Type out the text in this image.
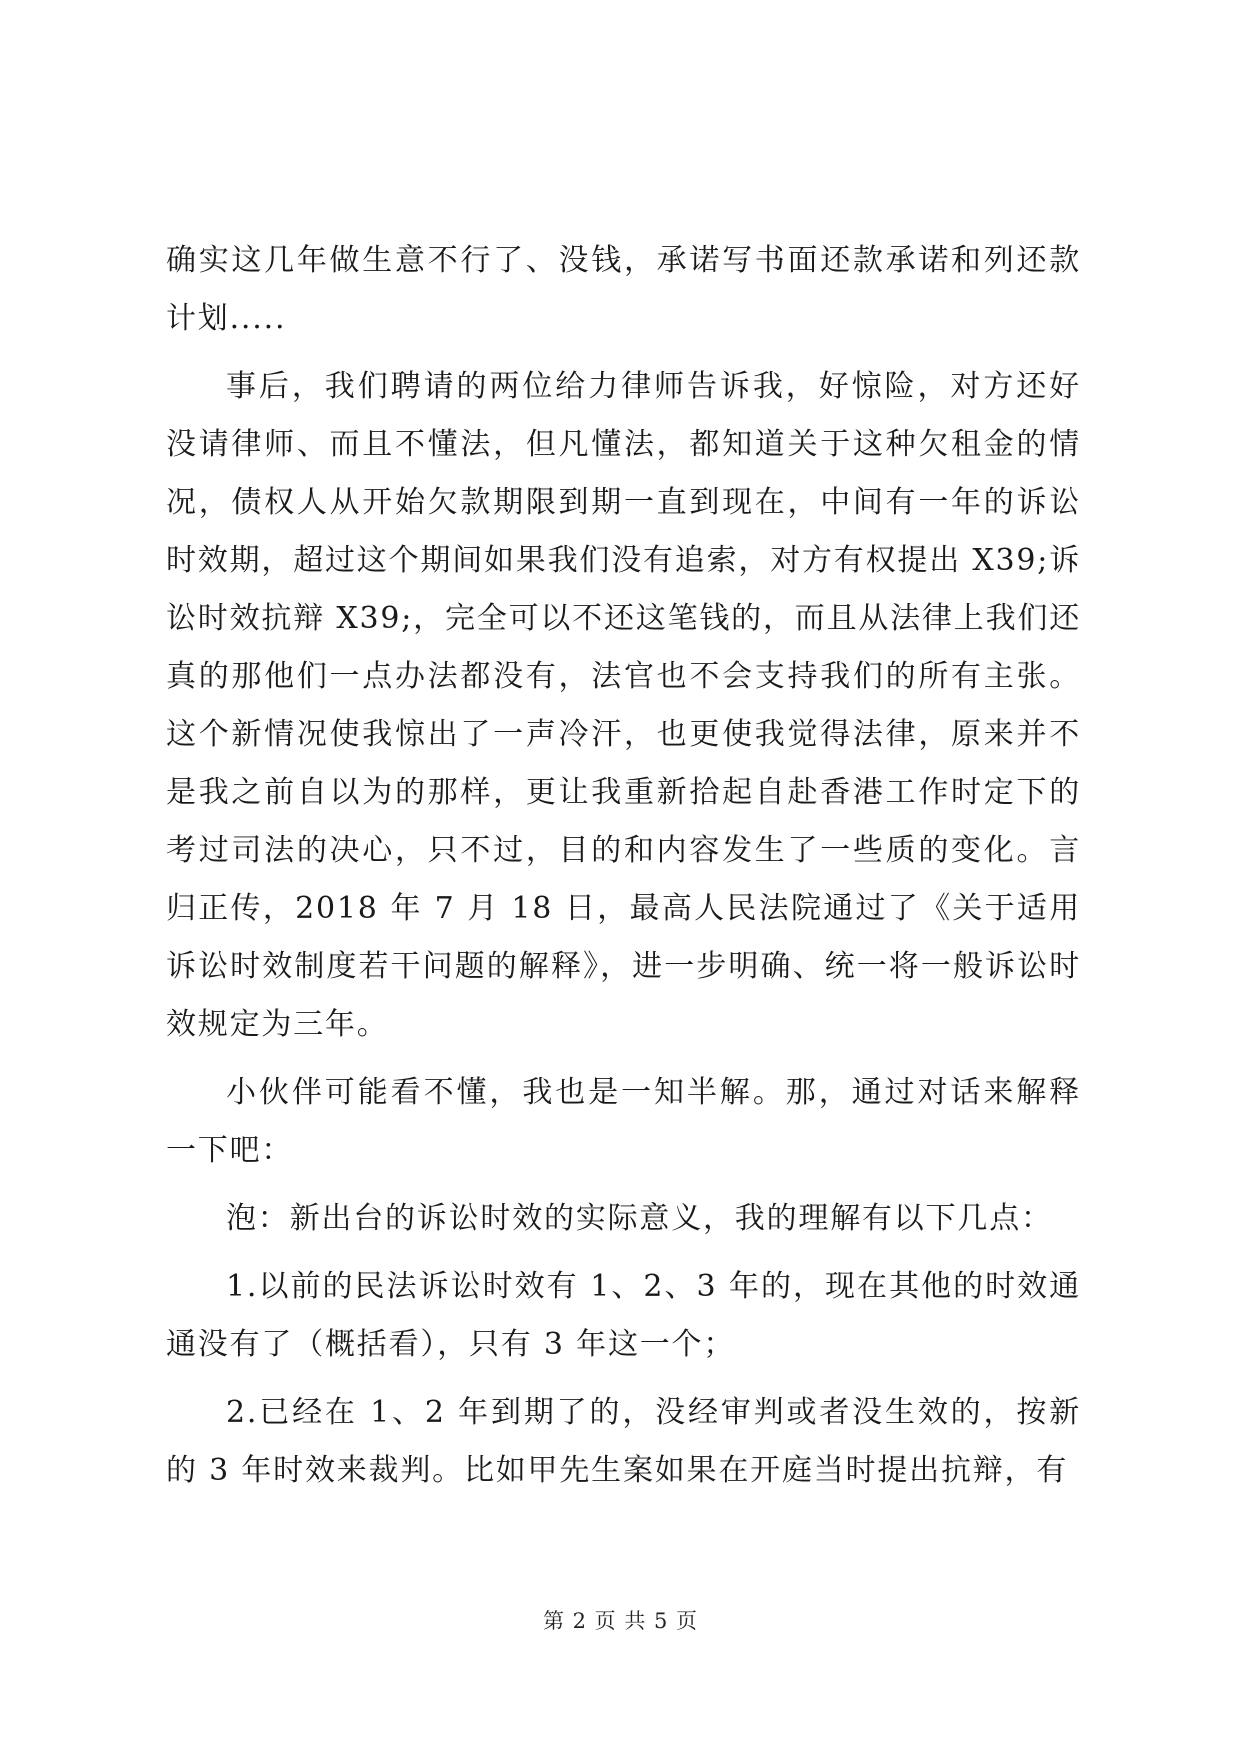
确实这几年做生意不行了、没钱，承诺写书面还款承诺和列还款计划.....

事后，我们聘请的两位给力律师告诉我，好惊险，对方还好没请律师、而且不懂法，但凡懂法，都知道关于这种欠租金的情况，债权人从开始欠款期限到期一直到现在，中间有一年的诉讼时效期，超过这个期间如果我们没有追索，对方有权提出 X39;诉讼时效抗辩 X39;，完全可以不还这笔钱的，而且从法律上我们还真的那他们一点办法都没有，法官也不会支持我们的所有主张。这个新情况使我惊出了一声冷汗，也更使我觉得法律，原来并不是我之前自以为的那样，更让我重新拾起自赴香港工作时定下的考过司法的决心，只不过，目的和内容发生了一些质的变化。言归正传，2018 年 7 月 18 日，最高人民法院通过了《关于适用诉讼时效制度若干问题的解释》，进一步明确、统一将一般诉讼时效规定为三年。

小伙伴可能看不懂，我也是一知半解。那，通过对话来解释一下吧：

泡：新出台的诉讼时效的实际意义，我的理解有以下几点：

1.以前的民法诉讼时效有 1、2、3 年的，现在其他的时效通通没有了（概括看），只有 3 年这一个；

2.已经在 1、2 年到期了的，没经审判或者没生效的，按新的 3 年时效来裁判。比如甲先生案如果在开庭当时提出抗辩，有

第 2 页 共 5 页
